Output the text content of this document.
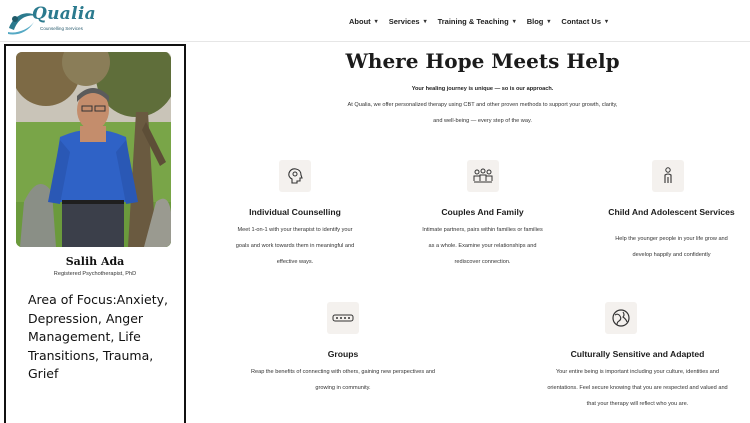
Qualia
Counselling Services
About ▾ Services ▾ Training & Teaching ▾ Blog ▾ Contact Us ▾
Salih Ada
Registered Psychotherapist, PhD
Area of Focus:Anxiety, Depression, Anger Management, Life Transitions, Trauma, Grief
Where Hope Meets Help
Your healing journey is unique — so is our approach.
At Qualia, we offer personalized therapy using CBT and other proven methods to support your growth, clarity,
and well-being — every step of the way.
Individual Counselling
Meet 1-on-1 with your therapist to identify your
goals and work towards them in meaningful and
effective ways.
Couples And Family
Intimate partners, pairs within families or families
as a whole. Examine your relationships and
rediscover connection.
Child And Adolescent Services
Help the younger people in your life grow and
develop happily and confidently
Groups
Reap the benefits of connecting with others, gaining new perspectives and
growing in community.
Culturally Sensitive and Adapted
Your entire being is important including your culture, identities and
orientations. Feel secure knowing that you are respected and valued and
that your therapy will reflect who you are.
